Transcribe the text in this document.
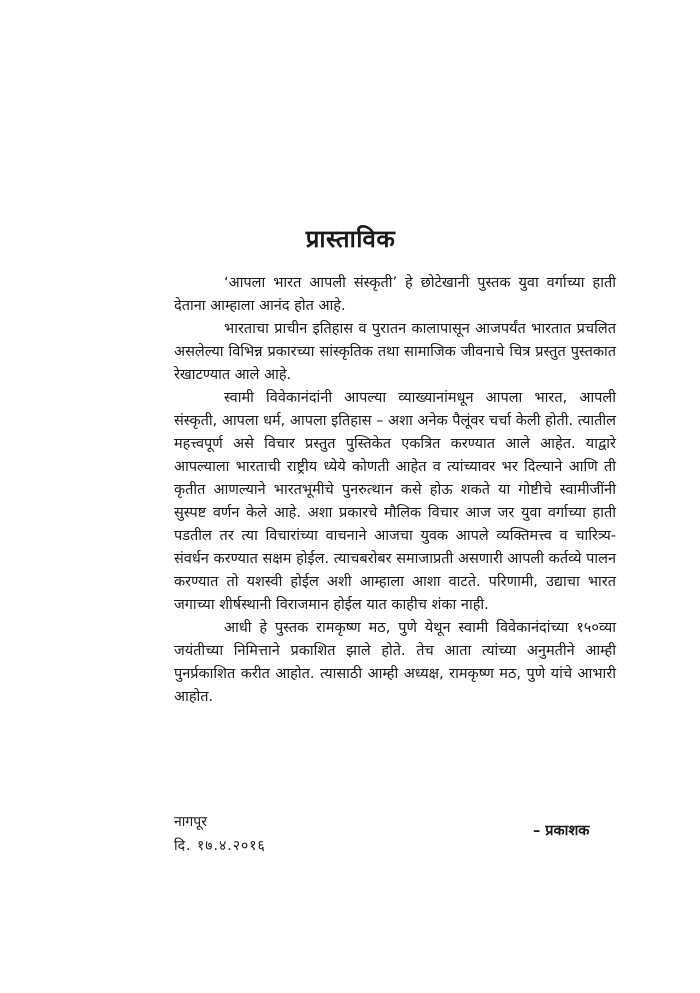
प्रास्ताविक

‘आपला भारत आपली संस्कृती’ हे छोटेखानी पुस्तक युवा वर्गाच्या हाती देताना आम्हाला आनंद होत आहे.

भारताचा प्राचीन इतिहास व पुरातन कालापासून आजपर्यंत भारतात प्रचलित असलेल्या विभिन्न प्रकारच्या सांस्कृतिक तथा सामाजिक जीवनाचे चित्र प्रस्तुत पुस्तकात रेखाटण्यात आले आहे.

स्वामी विवेकानंदांनी आपल्या व्याख्यानांमधून आपला भारत, आपली संस्कृती, आपला धर्म, आपला इतिहास – अशा अनेक पैलूंवर चर्चा केली होती. त्यातील महत्त्वपूर्ण असे विचार प्रस्तुत पुस्तिकेत एकत्रित करण्यात आले आहेत. याद्वारे आपल्याला भारताची राष्ट्रीय ध्येये कोणती आहेत व त्यांच्यावर भर दिल्याने आणि ती कृतीत आणल्याने भारतभूमीचे पुनरुत्थान कसे होऊ शकते या गोष्टीचे स्वामीजींनी सुस्पष्ट वर्णन केले आहे. अशा प्रकारचे मौलिक विचार आज जर युवा वर्गाच्या हाती पडतील तर त्या विचारांच्या वाचनाने आजचा युवक आपले व्यक्तिमत्त्व व चारित्र्य-संवर्धन करण्यात सक्षम होईल. त्याचबरोबर समाजाप्रती असणारी आपली कर्तव्ये पालन करण्यात तो यशस्वी होईल अशी आम्हाला आशा वाटते. परिणामी, उद्याचा भारत जगाच्या शीर्षस्थानी विराजमान होईल यात काहीच शंका नाही.

आधी हे पुस्तक रामकृष्ण मठ, पुणे येथून स्वामी विवेकानंदांच्या १५०व्या जयंतीच्या निमित्ताने प्रकाशित झाले होते. तेच आता त्यांच्या अनुमतीने आम्ही पुनर्प्रकाशित करीत आहोत. त्यासाठी आम्ही अध्यक्ष, रामकृष्ण मठ, पुणे यांचे आभारी आहोत.

नागपूर
दि. १७.४.२०१६
– प्रकाशक
